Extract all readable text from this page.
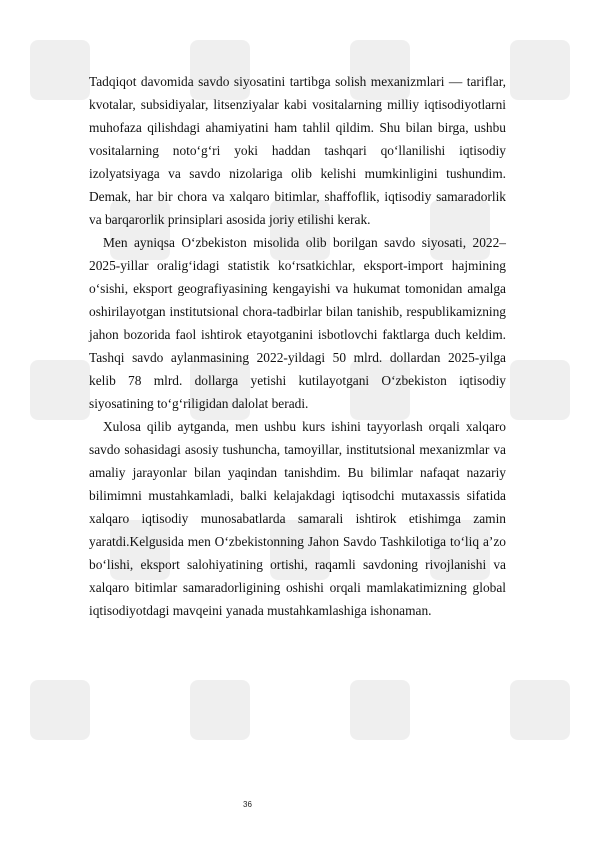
Tadqiqot davomida savdo siyosatini tartibga solish mexanizmlari — tariflar, kvotalar, subsidiyalar, litsenziyalar kabi vositalarning milliy iqtisodiyotlarni muhofaza qilishdagi ahamiyatini ham tahlil qildim. Shu bilan birga, ushbu vositalarning noto‘g‘ri yoki haddan tashqari qo‘llanilishi iqtisodiy izolyatsiyaga va savdo nizolariga olib kelishi mumkinligini tushundim. Demak, har bir chora va xalqaro bitimlar, shaffoflik, iqtisodiy samaradorlik va barqarorlik prinsiplari asosida joriy etilishi kerak.

Men ayniqsa O‘zbekiston misolida olib borilgan savdo siyosati, 2022–2025-yillar oralig‘idagi statistik ko‘rsatkichlar, eksport-import hajmining o‘sishi, eksport geografiyasining kengayishi va hukumat tomonidan amalga oshirilayotgan institutsional chora-tadbirlar bilan tanishib, respublikamizning jahon bozorida faol ishtirok etayotganini isbotlovchi faktlarga duch keldim. Tashqi savdo aylanmasining 2022-yildagi 50 mlrd. dollardan 2025-yilga kelib 78 mlrd. dollarga yetishi kutilayotgani O‘zbekiston iqtisodiy siyosatining to‘g‘riligidan dalolat beradi.

Xulosa qilib aytganda, men ushbu kurs ishini tayyorlash orqali xalqaro savdo sohasidagi asosiy tushuncha, tamoyillar, institutsional mexanizmlar va amaliy jarayonlar bilan yaqindan tanishdim. Bu bilimlar nafaqat nazariy bilimimni mustahkamladi, balki kelajakdagi iqtisodchi mutaxassis sifatida xalqaro iqtisodiy munosabatlarda samarali ishtirok etishimga zamin yaratdi.Kelgusida men O‘zbekistonning Jahon Savdo Tashkilotiga to‘liq a’zo bo‘lishi, eksport salohiyatining ortishi, raqamli savdoning rivojlanishi va xalqaro bitimlar samaradorligining oshishi orqali mamlakatimizning global iqtisodiyotdagi mavqeini yanada mustahkamlashiga ishonaman.

36
